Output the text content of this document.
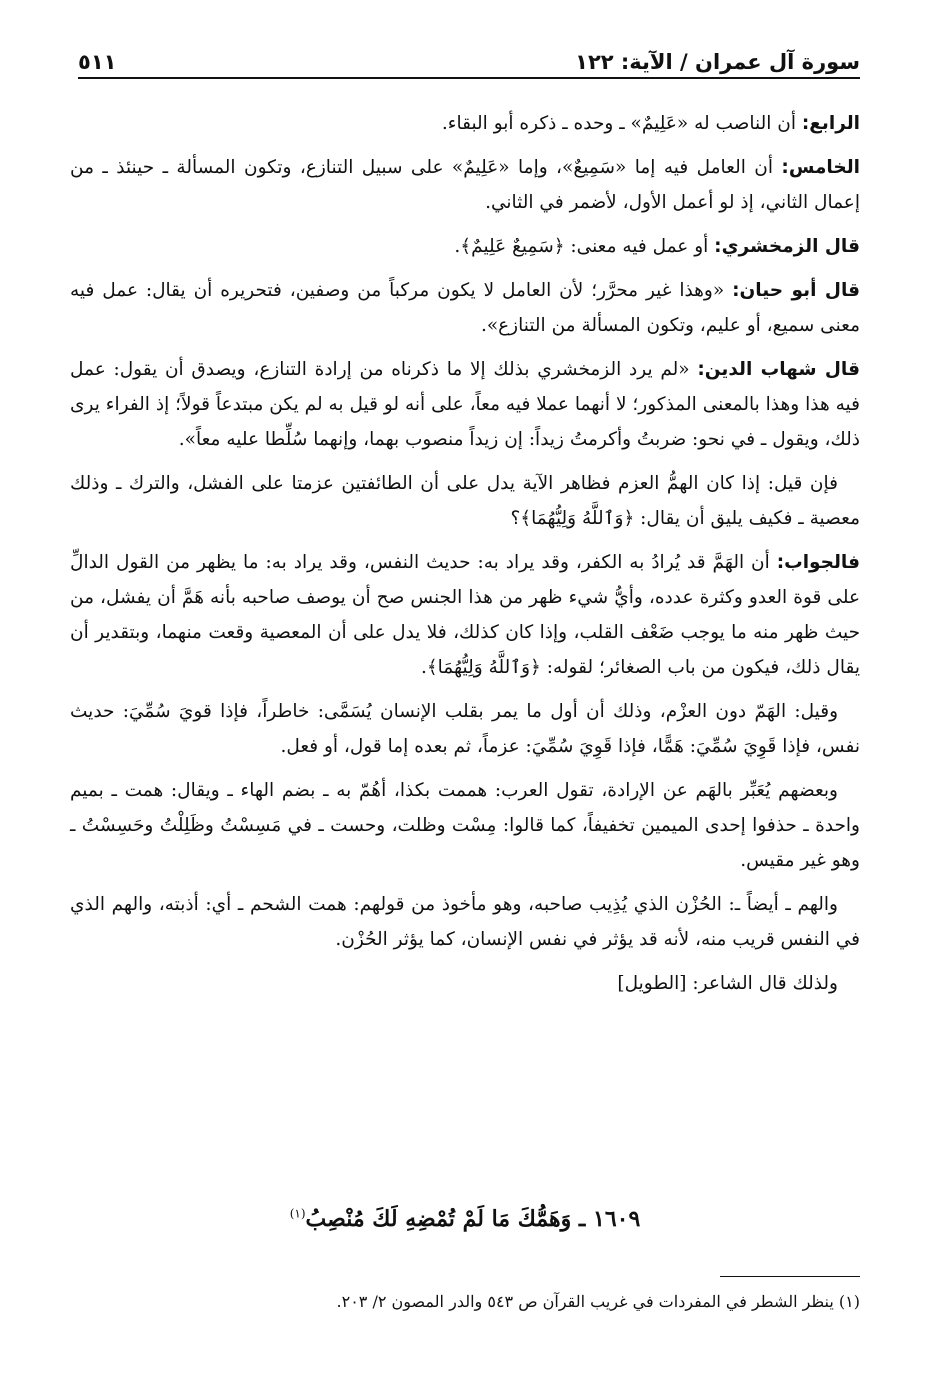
سورة آل عمران / الآية: ١٢٢
٥١١

الرابع: أن الناصب له «عَلِيمٌ» ـ وحده ـ ذكره أبو البقاء.

الخامس: أن العامل فيه إما «سَمِيعٌ»، وإما «عَلِيمٌ» على سبيل التنازع، وتكون المسألة ـ حينئذ ـ من إعمال الثاني، إذ لو أعمل الأول، لأضمر في الثاني.

قال الزمخشري: أو عمل فيه معنى: ﴿سَمِيعٌ عَلِيمٌ﴾.

قال أبو حيان: «وهذا غير محرَّر؛ لأن العامل لا يكون مركباً من وصفين، فتحريره أن يقال: عمل فيه معنى سميع، أو عليم، وتكون المسألة من التنازع».

قال شهاب الدين: «لم يرد الزمخشري بذلك إلا ما ذكرناه من إرادة التنازع، ويصدق أن يقول: عمل فيه هذا وهذا بالمعنى المذكور؛ لا أنهما عملا فيه معاً، على أنه لو قيل به لم يكن مبتدعاً قولاً؛ إذ الفراء يرى ذلك، ويقول ـ في نحو: ضربتُ وأكرمتُ زيداً: إن زيداً منصوب بهما، وإنهما سُلِّطا عليه معاً».

فإن قيل: إذا كان الهمُّ العزم فظاهر الآية يدل على أن الطائفتين عزمتا على الفشل، والترك ـ وذلك معصية ـ فكيف يليق أن يقال: ﴿وَٱللَّهُ وَلِيُّهُمَا﴾؟

فالجواب: أن الهَمَّ قد يُرادُ به الكفر، وقد يراد به: حديث النفس، وقد يراد به: ما يظهر من القول الدالِّ على قوة العدو وكثرة عدده، وأيُّ شيء ظهر من هذا الجنس صح أن يوصف صاحبه بأنه هَمَّ أن يفشل، من حيث ظهر منه ما يوجب ضَعْف القلب، وإذا كان كذلك، فلا يدل على أن المعصية وقعت منهما، وبتقدير أن يقال ذلك، فيكون من باب الصغائر؛ لقوله: ﴿وَٱللَّهُ وَلِيُّهُمَا﴾.

وقيل: الهَمّ دون العزْم، وذلك أن أول ما يمر بقلب الإنسان يُسَمَّى: خاطراً، فإذا قويَ سُمِّيَ: حديث نفس، فإذا قَوِيَ سُمِّيَ: هَمًّا، فإذا قَوِيَ سُمِّيَ: عزماً، ثم بعده إما قول، أو فعل.

وبعضهم يُعَبِّر بالهَم عن الإرادة، تقول العرب: هممت بكذا، أهُمّ به ـ بضم الهاء ـ ويقال: همت ـ بميم واحدة ـ حذفوا إحدى الميمين تخفيفاً، كما قالوا: مِسْت وظلت، وحست ـ في مَسِسْتُ وظَلِلْتُ وحَسِسْتُ ـ وهو غير مقيس.

والهم ـ أيضاً ـ: الحُزْن الذي يُذِيب صاحبه، وهو مأخوذ من قولهم: همت الشحم ـ أي: أذبته، والهم الذي في النفس قريب منه، لأنه قد يؤثر في نفس الإنسان، كما يؤثر الحُزْن.

ولذلك قال الشاعر: [الطويل]

١٦٠٩ ـ وَهَمُّكَ مَا لَمْ تُمْضِهِ لَكَ مُنْصِبُ$^{(١)}$
(١) ينظر الشطر في المفردات في غريب القرآن ص ٥٤٣ والدر المصون ٢/ ٢٠٣.
